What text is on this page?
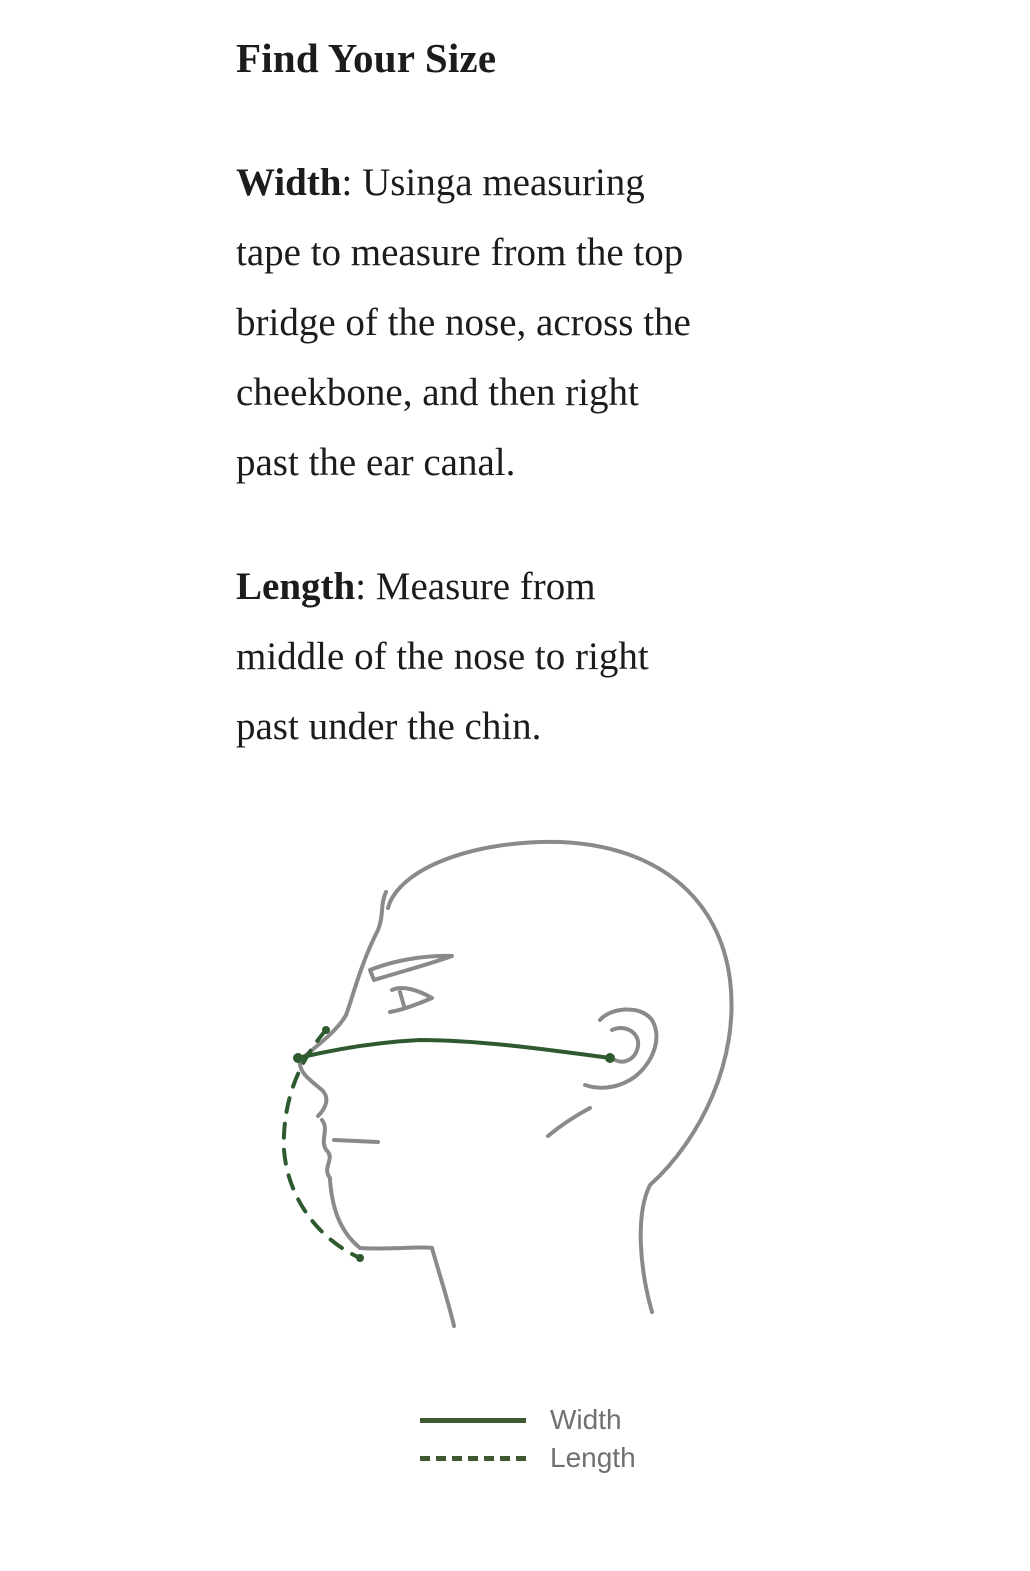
Find Your Size

Width: Usinga measuring
tape to measure from the top
bridge of the nose, across the
cheekbone, and then right
past the ear canal.

Length: Measure from
middle of the nose to right
past under the chin.

Width
Length
